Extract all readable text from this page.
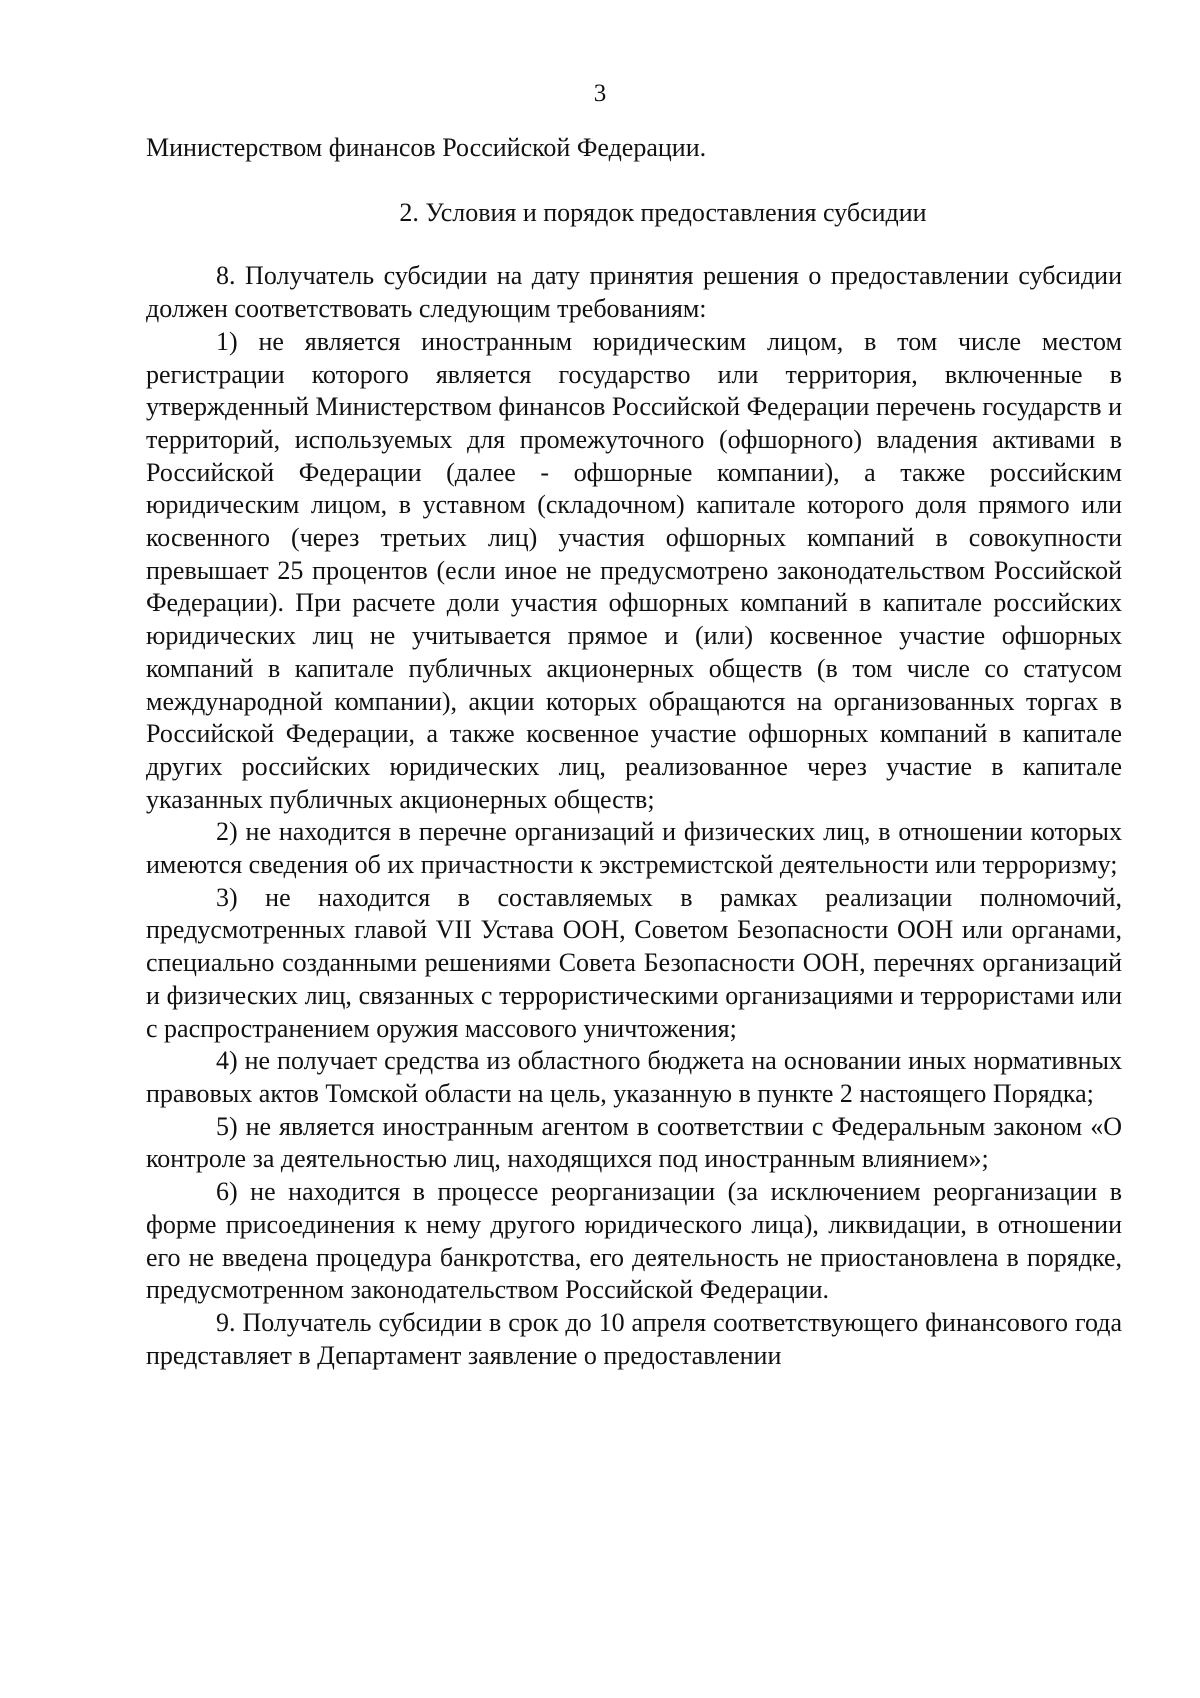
3

Министерством финансов Российской Федерации.

2. Условия и порядок предоставления субсидии

8. Получатель субсидии на дату принятия решения о предоставлении субсидии должен соответствовать следующим требованиям:

1) не является иностранным юридическим лицом, в том числе местом регистрации которого является государство или территория, включенные в утвержденный Министерством финансов Российской Федерации перечень государств и территорий, используемых для промежуточного (офшорного) владения активами в Российской Федерации (далее - офшорные компании), а также российским юридическим лицом, в уставном (складочном) капитале которого доля прямого или косвенного (через третьих лиц) участия офшорных компаний в совокупности превышает 25 процентов (если иное не предусмотрено законодательством Российской Федерации). При расчете доли участия офшорных компаний в капитале российских юридических лиц не учитывается прямое и (или) косвенное участие офшорных компаний в капитале публичных акционерных обществ (в том числе со статусом международной компании), акции которых обращаются на организованных торгах в Российской Федерации, а также косвенное участие офшорных компаний в капитале других российских юридических лиц, реализованное через участие в капитале указанных публичных акционерных обществ;

2) не находится в перечне организаций и физических лиц, в отношении которых имеются сведения об их причастности к экстремистской деятельности или терроризму;

3) не находится в составляемых в рамках реализации полномочий, предусмотренных главой VII Устава ООН, Советом Безопасности ООН или органами, специально созданными решениями Совета Безопасности ООН, перечнях организаций и физических лиц, связанных с террористическими организациями и террористами или с распространением оружия массового уничтожения;

4) не получает средства из областного бюджета на основании иных нормативных правовых актов Томской области на цель, указанную в пункте 2 настоящего Порядка;

5) не является иностранным агентом в соответствии с Федеральным законом «О контроле за деятельностью лиц, находящихся под иностранным влиянием»;

6) не находится в процессе реорганизации (за исключением реорганизации в форме присоединения к нему другого юридического лица), ликвидации, в отношении его не введена процедура банкротства, его деятельность не приостановлена в порядке, предусмотренном законодательством Российской Федерации.

9. Получатель субсидии в срок до 10 апреля соответствующего финансового года представляет в Департамент заявление о предоставлении
